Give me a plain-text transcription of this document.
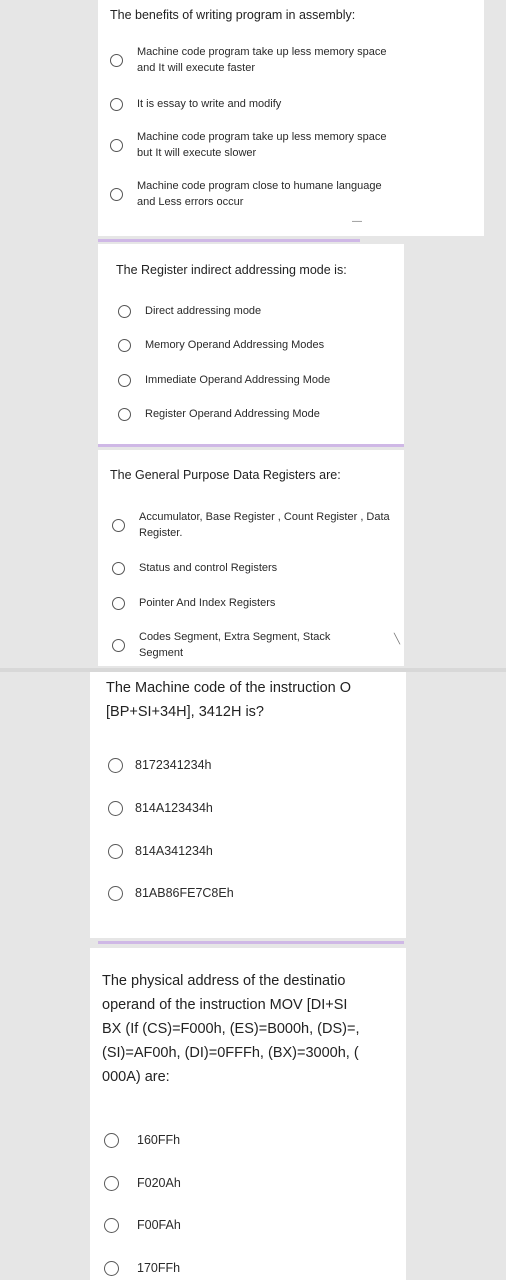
The benefits of writing program in assembly:
Machine code program take up less memory space and It will execute faster
It is essay to write and modify
Machine code program take up less memory space but It will execute slower
Machine code program close to humane language and Less errors occur
―
The Register indirect addressing mode is:
Direct addressing mode
Memory Operand Addressing Modes
Immediate Operand Addressing Mode
Register Operand Addressing Mode
The General Purpose Data Registers are:
Accumulator, Base Register , Count Register , Data Register.
Status and control Registers
Pointer And Index Registers
Codes Segment, Extra Segment, Stack Segment
╲
The Machine code of the instruction O
[BP+SI+34H], 3412H is?
8172341234h
814A123434h
814A341234h
81AB86FE7C8Eh
The physical address of the destinatio
operand of the instruction MOV [DI+SI
BX (If (CS)=F000h, (ES)=B000h, (DS)=,
(SI)=AF00h, (DI)=0FFFh, (BX)=3000h, (
000A) are:
160FFh
F020Ah
F00FAh
170FFh
